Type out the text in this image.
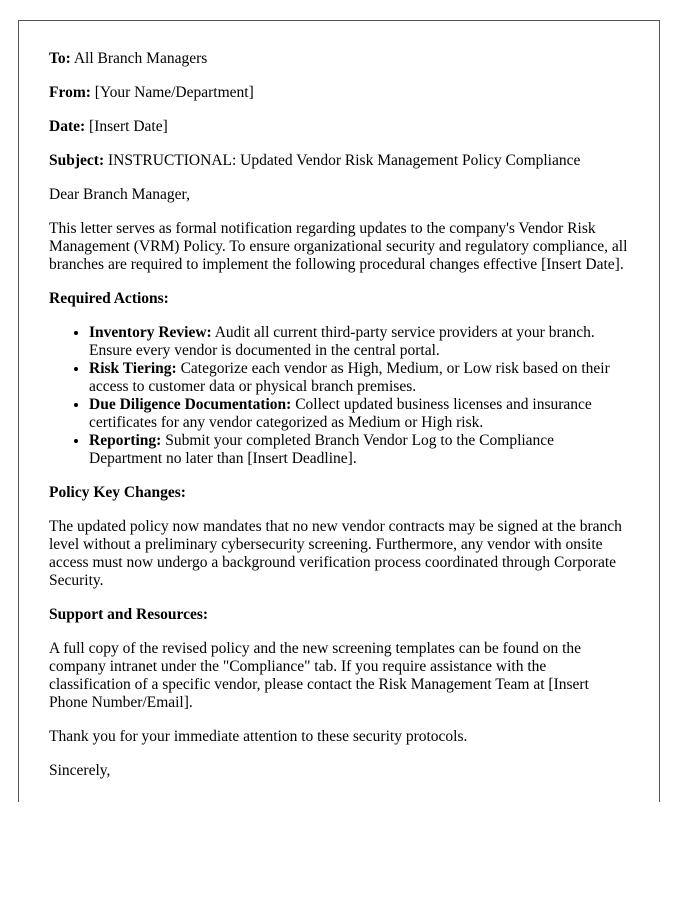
To: All Branch Managers

From: [Your Name/Department]

Date: [Insert Date]

Subject: INSTRUCTIONAL: Updated Vendor Risk Management Policy Compliance

Dear Branch Manager,

This letter serves as formal notification regarding updates to the company's Vendor Risk Management (VRM) Policy. To ensure organizational security and regulatory compliance, all branches are required to implement the following procedural changes effective [Insert Date].

Required Actions:
• Inventory Review: Audit all current third-party service providers at your branch. Ensure every vendor is documented in the central portal.
• Risk Tiering: Categorize each vendor as High, Medium, or Low risk based on their access to customer data or physical branch premises.
• Due Diligence Documentation: Collect updated business licenses and insurance certificates for any vendor categorized as Medium or High risk.
• Reporting: Submit your completed Branch Vendor Log to the Compliance Department no later than [Insert Deadline].
Policy Key Changes:

The updated policy now mandates that no new vendor contracts may be signed at the branch level without a preliminary cybersecurity screening. Furthermore, any vendor with onsite access must now undergo a background verification process coordinated through Corporate Security.

Support and Resources:

A full copy of the revised policy and the new screening templates can be found on the company intranet under the "Compliance" tab. If you require assistance with the classification of a specific vendor, please contact the Risk Management Team at [Insert Phone Number/Email].

Thank you for your immediate attention to these security protocols.

Sincerely,
